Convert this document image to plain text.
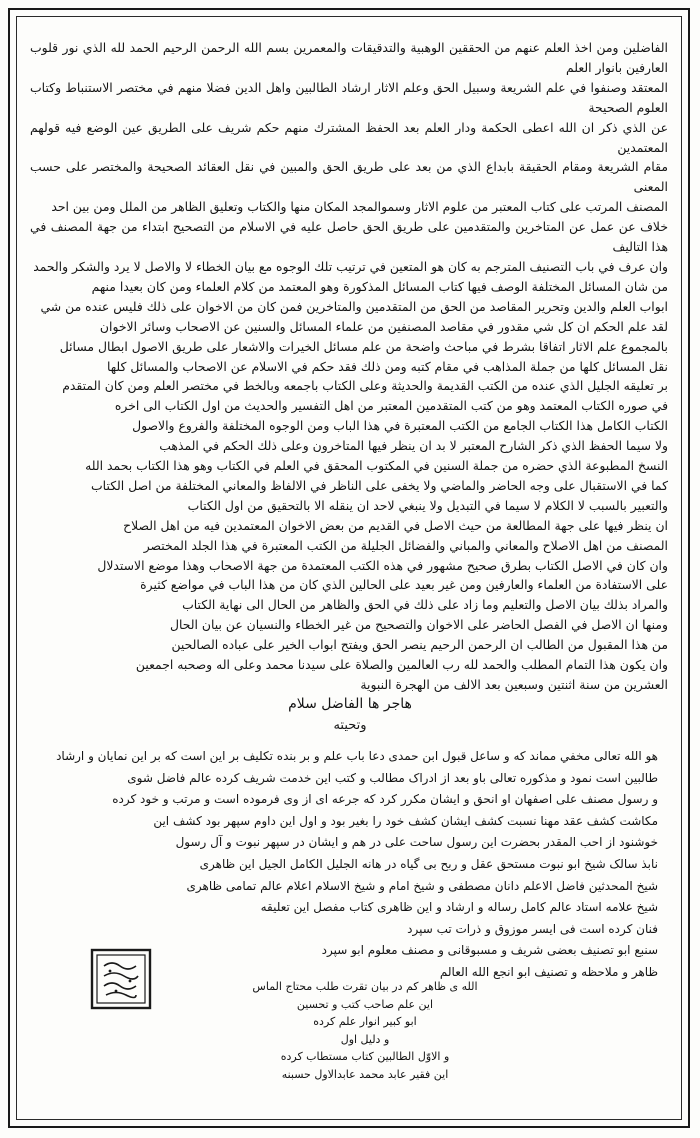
الفاضلين ومن اخذ العلم عنهم من الحققين الوهبية والتدقيقات والمعمرين بسم الله الرحمن الرحيم الحمد لله الذي نور قلوب العارفين بانوار العلم

المعتقد وصنفوا في علم الشريعة وسبيل الحق وعلم الاثار ارشاد الطالبين واهل الدين فضلا منهم في مختصر الاستنباط وكتاب العلوم الصحيحة

عن الذي ذكر ان الله اعطى الحكمة ودار العلم بعد الحفظ المشترك منهم حكم شريف على الطريق عين الوضع فيه قولهم المعتمدين

مقام الشريعة ومقام الحقيقة بابداع الذي من بعد على طريق الحق والمبين في نقل العقائد الصحيحة والمختصر على حسب المعنى

المصنف المرتب على كتاب المعتبر من علوم الاثار وسموالمجد المكان منها والكتاب وتعليق الظاهر من الملل ومن بين احد

خلاف عن عمل عن المتاخرين والمتقدمين على طريق الحق حاصل عليه في الاسلام من التصحيح ابتداء من جهة المصنف في هذا التاليف

وان عرف في باب التصنيف المترجم به كان هو المتعين في ترتيب تلك الوجوه مع بيان الخطاء لا والاصل لا يرد والشكر والحمد

من شان المسائل المختلفة الوصف فيها كتاب المسائل المذكورة وهو المعتمد من كلام العلماء ومن كان بعيدا منهم

ابواب العلم والدين وتحرير المقاصد من الحق من المتقدمين والمتاخرين فمن كان من الاخوان على ذلك فليس عنده من شي

لقد علم الحكم ان كل شي مقدور في مقاصد المصنفين من علماء المسائل والسنين عن الاصحاب وسائر الاخوان

بالمجموع علم الاثار اتفاقا بشرط في مباحث واضحة من علم مسائل الخيرات والاشعار على طريق الاصول ابطال مسائل

نقل المسائل كلها من جملة المذاهب في مقام كتبه ومن ذلك فقد حكم في الاسلام عن الاصحاب والمسائل كلها

بر تعليقه الجليل الذي عنده من الكتب القديمة والحديثة وعلى الكتاب باجمعه وبالخط في مختصر العلم ومن كان المتقدم

في صوره الكتاب المعتمد وهو من كتب المتقدمين المعتبر من اهل التفسير والحديث من اول الكتاب الى اخره

الكتاب الكامل هذا الكتاب الجامع من الكتب المعتبرة في هذا الباب ومن الوجوه المختلفة والفروع والاصول

ولا سيما الحفظ الذي ذكر الشارح المعتبر لا بد ان ينظر فيها المتاخرون وعلى ذلك الحكم في المذهب

النسخ المطبوعة الذي حضره من جملة السنين في المكتوب المحقق في العلم في الكتاب وهو هذا الكتاب بحمد الله

كما في الاستقبال على وجه الحاضر والماضي ولا يخفى على الناظر في الالفاظ والمعاني المختلفة من اصل الكتاب

والتعبير بالسبب لا الكلام لا سيما في التبديل ولا ينبغي لاحد ان ينقله الا بالتحقيق من اول الكتاب

ان ينظر فيها على جهة المطالعة من حيث الاصل في القديم من بعض الاخوان المعتمدين فيه من اهل الصلاح

المصنف من اهل الاصلاح والمعاني والمباني والفضائل الجليلة من الكتب المعتبرة في هذا الجلد المختصر

وان كان في الاصل الكتاب بطرق صحيح مشهور في هذه الكتب المعتمدة من جهة الاصحاب وهذا موضع الاستدلال

على الاستفادة من العلماء والعارفين ومن غير بعيد على الحالين الذي كان من هذا الباب في مواضع كثيرة

والمراد بذلك بيان الاصل والتعليم وما زاد على ذلك في الحق والظاهر من الحال الى نهاية الكتاب

ومنها ان الاصل في الفصل الحاضر على الاخوان والتصحيح من غير الخطاء والنسيان عن بيان الحال

من هذا المقبول من الطالب ان الرحمن الرحيم ينصر الحق ويفتح ابواب الخير على عباده الصالحين

وان يكون هذا التمام المطلب والحمد لله رب العالمين والصلاة على سيدنا محمد وعلى اله وصحبه اجمعين

العشرين من سنة اثنتين وسبعين بعد الالف من الهجرة النبوية

هاجر ها الفاضل سلام
وتحيته

هو الله تعالى مخفي مماند که و ساعل قبول ابن حمدی دعا باب علم و بر بنده تکلیف بر این است که بر این نمایان و ارشاد

طالبین است نمود و مذکوره تعالی باو بعد از ادراک مطالب و کتب این خدمت شریف کرده عالم فاضل شوی

و رسول مصنف علی اصفهان او انحق و ایشان مکرر کرد که جرعه ای از وی فرموده است و مرتب و خود کرده

مکاشت کشف عقد مهنا نسبت کشف ایشان کشف خود را بغیر بود و اول این داوم سپهر بود کشف این

خوشنود از احب المقدر بحضرت این رسول ساحت علی در هم و ایشان در سپهر نبوت و آل رسول

نابذ سالک شیخ ابو نبوت مستحق عقل و ربح بی گیاه در هانه الجلیل الکامل الجیل این ظاهری

شیخ المحدثین فاضل الاعلم دانان مصطفی و شیخ امام و شیخ الاسلام اعلام عالم تمامی ظاهری

شیخ علامه استاد عالم کامل رساله و ارشاد و این ظاهری کتاب مفصل این تعلیقه

فنان کرده است فی ایسر موزوق و ذرات تب سپرد

سنبع ابو تصنیف بعضی شریف و مسبوقانی و مصنف معلوم ابو سپرد

ظاهر و ملاحظه و تصنیف ابو انجع الله العالم

الله ی ظاهر کم در بیان تقرت طلب محتاج الماس

این علم صاحب کتب و تحسین

ابو کبیر انوار علم کرده

و دلیل اول

و الاوّل الطالبین کتاب مستطاب کرده

این فقیر عابد محمد عابدالاول حسبنه
